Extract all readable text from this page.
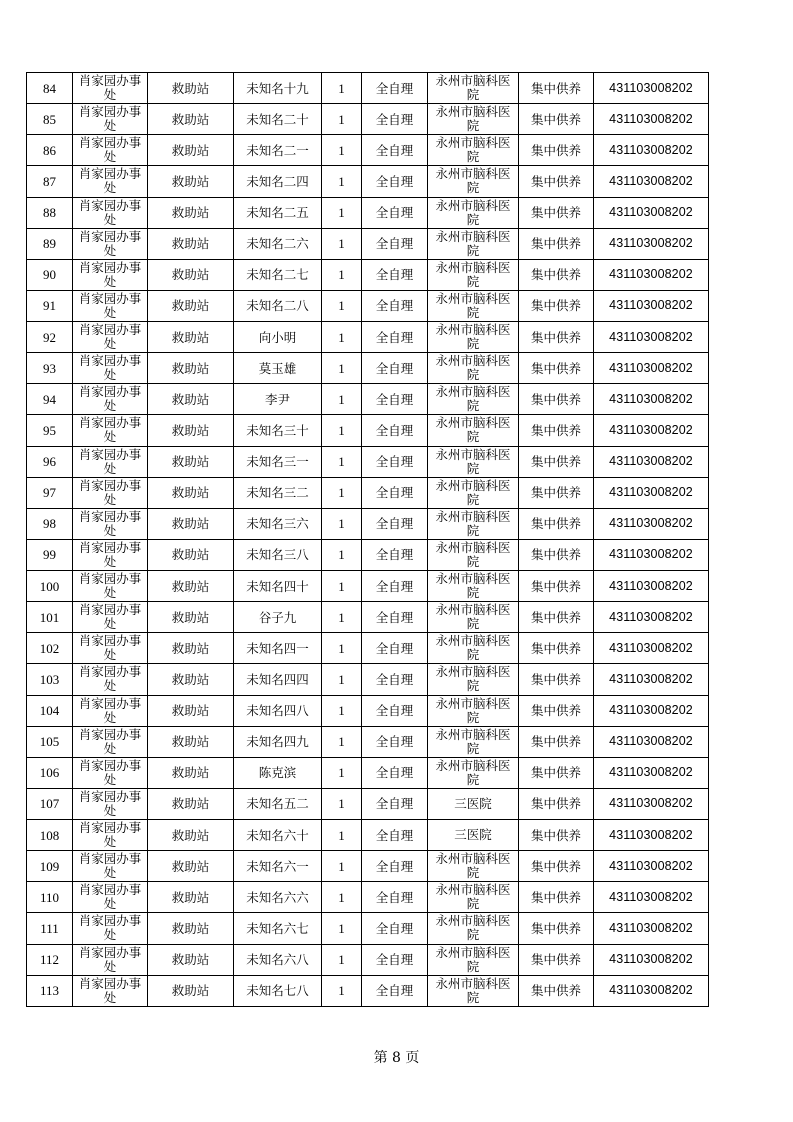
84	肖家园办事处	救助站	未知名十九	1	全自理	永州市脑科医院	集中供养	431103008202

85	肖家园办事处	救助站	未知名二十	1	全自理	永州市脑科医院	集中供养	431103008202

86	肖家园办事处	救助站	未知名二一	1	全自理	永州市脑科医院	集中供养	431103008202

87	肖家园办事处	救助站	未知名二四	1	全自理	永州市脑科医院	集中供养	431103008202

88	肖家园办事处	救助站	未知名二五	1	全自理	永州市脑科医院	集中供养	431103008202

89	肖家园办事处	救助站	未知名二六	1	全自理	永州市脑科医院	集中供养	431103008202

90	肖家园办事处	救助站	未知名二七	1	全自理	永州市脑科医院	集中供养	431103008202

91	肖家园办事处	救助站	未知名二八	1	全自理	永州市脑科医院	集中供养	431103008202

92	肖家园办事处	救助站	向小明	1	全自理	永州市脑科医院	集中供养	431103008202

93	肖家园办事处	救助站	莫玉雄	1	全自理	永州市脑科医院	集中供养	431103008202

94	肖家园办事处	救助站	李尹	1	全自理	永州市脑科医院	集中供养	431103008202

95	肖家园办事处	救助站	未知名三十	1	全自理	永州市脑科医院	集中供养	431103008202

96	肖家园办事处	救助站	未知名三一	1	全自理	永州市脑科医院	集中供养	431103008202

97	肖家园办事处	救助站	未知名三二	1	全自理	永州市脑科医院	集中供养	431103008202

98	肖家园办事处	救助站	未知名三六	1	全自理	永州市脑科医院	集中供养	431103008202

99	肖家园办事处	救助站	未知名三八	1	全自理	永州市脑科医院	集中供养	431103008202

100	肖家园办事处	救助站	未知名四十	1	全自理	永州市脑科医院	集中供养	431103008202

101	肖家园办事处	救助站	谷子九	1	全自理	永州市脑科医院	集中供养	431103008202

102	肖家园办事处	救助站	未知名四一	1	全自理	永州市脑科医院	集中供养	431103008202

103	肖家园办事处	救助站	未知名四四	1	全自理	永州市脑科医院	集中供养	431103008202

104	肖家园办事处	救助站	未知名四八	1	全自理	永州市脑科医院	集中供养	431103008202

105	肖家园办事处	救助站	未知名四九	1	全自理	永州市脑科医院	集中供养	431103008202

106	肖家园办事处	救助站	陈克滨	1	全自理	永州市脑科医院	集中供养	431103008202

107	肖家园办事处	救助站	未知名五二	1	全自理	三医院	集中供养	431103008202

108	肖家园办事处	救助站	未知名六十	1	全自理	三医院	集中供养	431103008202

109	肖家园办事处	救助站	未知名六一	1	全自理	永州市脑科医院	集中供养	431103008202

110	肖家园办事处	救助站	未知名六六	1	全自理	永州市脑科医院	集中供养	431103008202

111	肖家园办事处	救助站	未知名六七	1	全自理	永州市脑科医院	集中供养	431103008202

112	肖家园办事处	救助站	未知名六八	1	全自理	永州市脑科医院	集中供养	431103008202

113	肖家园办事处	救助站	未知名七八	1	全自理	永州市脑科医院	集中供养	431103008202
第 8 页
